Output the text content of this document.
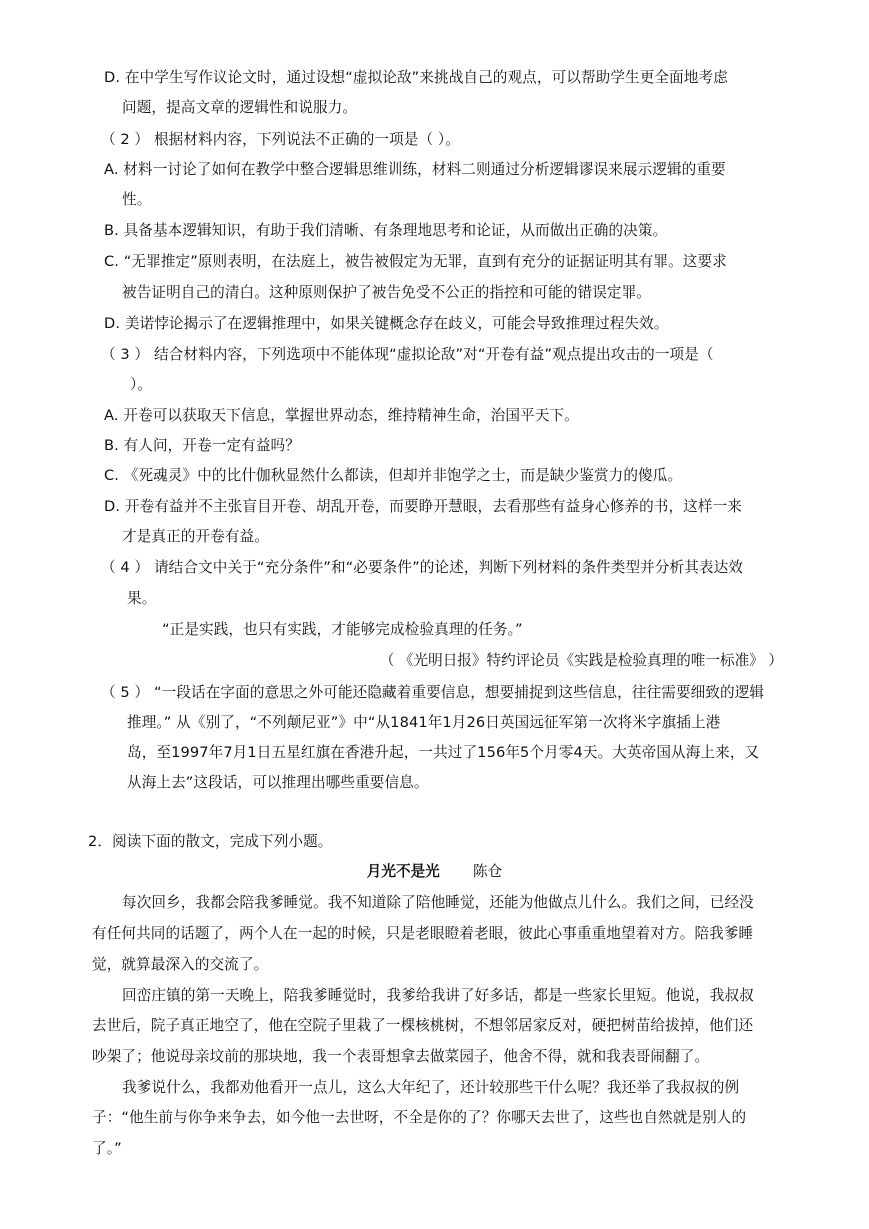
D. 在中学生写作议论文时，通过设想“虚拟论敌”来挑战自己的观点，可以帮助学生更全面地考虑
问题，提高文章的逻辑性和说服力。
（ 2 ） 根据材料内容，下列说法不正确的一项是（ ）。
A. 材料一讨论了如何在教学中整合逻辑思维训练，材料二则通过分析逻辑谬误来展示逻辑的重要
性。
B. 具备基本逻辑知识，有助于我们清晰、有条理地思考和论证，从而做出正确的决策。
C. “无罪推定”原则表明，在法庭上，被告被假定为无罪，直到有充分的证据证明其有罪。这要求
被告证明自己的清白。这种原则保护了被告免受不公正的指控和可能的错误定罪。
D. 美诺悖论揭示了在逻辑推理中，如果关键概念存在歧义，可能会导致推理过程失效。
（ 3 ） 结合材料内容，下列选项中不能体现“虚拟论敌”对“开卷有益”观点提出攻击的一项是（
）。
A. 开卷可以获取天下信息，掌握世界动态，维持精神生命，治国平天下。
B. 有人问，开卷一定有益吗？
C. 《死魂灵》中的比什伽秋显然什么都读，但却并非饱学之士，而是缺少鉴赏力的傻瓜。
D. 开卷有益并不主张盲目开卷、胡乱开卷，而要睁开慧眼，去看那些有益身心修养的书，这样一来
才是真正的开卷有益。
（ 4 ） 请结合文中关于“充分条件”和“必要条件”的论述，判断下列材料的条件类型并分析其表达效
果。
“正是实践，也只有实践，才能够完成检验真理的任务。”
（ 《光明日报》特约评论员《实践是检验真理的唯一标准》 ）
（ 5 ） “一段话在字面的意思之外可能还隐藏着重要信息，想要捕捉到这些信息，往往需要细致的逻辑
推理。” 从《别了，“不列颠尼亚”》中“从1841年1月26日英国远征军第一次将米字旗插上港
岛，至1997年7月1日五星红旗在香港升起，一共过了156年5个月零4天。大英帝国从海上来，又
从海上去”这段话，可以推理出哪些重要信息。
2．阅读下面的散文，完成下列小题。
月光不是光 陈仓
每次回乡，我都会陪我爹睡觉。我不知道除了陪他睡觉，还能为他做点儿什么。我们之间，已经没
有任何共同的话题了，两个人在一起的时候，只是老眼瞪着老眼，彼此心事重重地望着对方。陪我爹睡
觉，就算最深入的交流了。
回峦庄镇的第一天晚上，陪我爹睡觉时，我爹给我讲了好多话，都是一些家长里短。他说，我叔叔
去世后，院子真正地空了，他在空院子里栽了一棵核桃树，不想邻居家反对，硬把树苗给拔掉，他们还
吵架了；他说母亲坟前的那块地，我一个表哥想拿去做菜园子，他舍不得，就和我表哥闹翻了。
我爹说什么，我都劝他看开一点儿，这么大年纪了，还计较那些干什么呢？我还举了我叔叔的例
子：“他生前与你争来争去，如今他一去世呀，不全是你的了？你哪天去世了，这些也自然就是别人的
了。”
